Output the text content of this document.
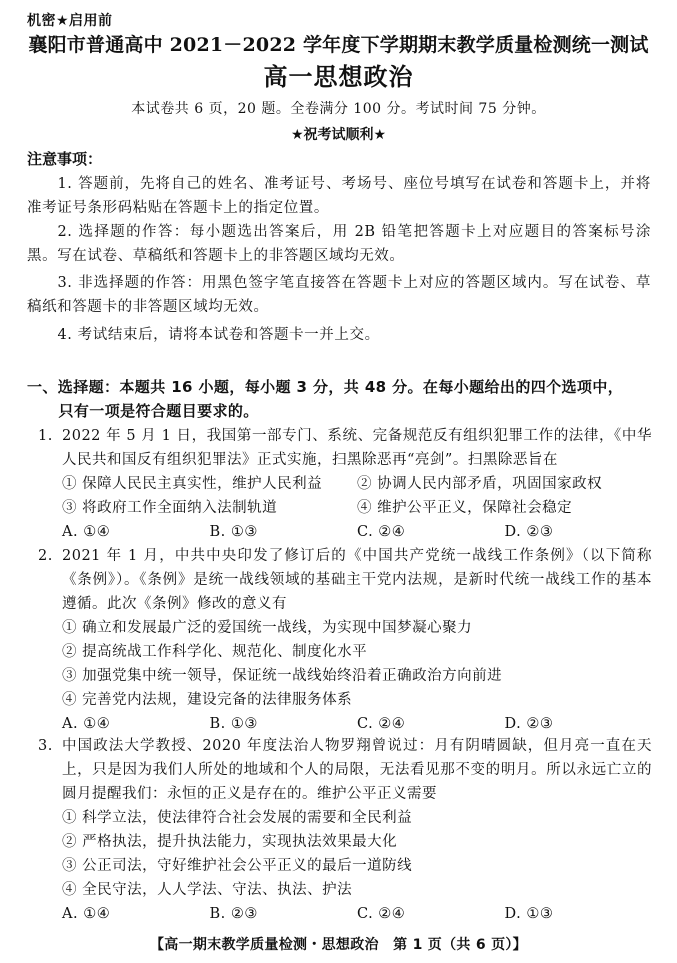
机密★启用前
襄阳市普通高中 2021－2022 学年度下学期期末教学质量检测统一测试
高一思想政治
本试卷共 6 页，20 题。全卷满分 100 分。考试时间 75 分钟。
★祝考试顺利★
注意事项：
1. 答题前，先将自己的姓名、准考证号、考场号、座位号填写在试卷和答题卡上，并将准考证号条形码粘贴在答题卡上的指定位置。
2. 选择题的作答：每小题选出答案后，用 2B 铅笔把答题卡上对应题目的答案标号涂黑。写在试卷、草稿纸和答题卡上的非答题区域均无效。
3. 非选择题的作答：用黑色签字笔直接答在答题卡上对应的答题区域内。写在试卷、草稿纸和答题卡的非答题区域均无效。
4. 考试结束后，请将本试卷和答题卡一并上交。
一、选择题：本题共 16 小题，每小题 3 分，共 48 分。在每小题给出的四个选项中，
只有一项是符合题目要求的。
1. 2022 年 5 月 1 日，我国第一部专门、系统、完备规范反有组织犯罪工作的法律，《中华人民共和国反有组织犯罪法》正式实施，扫黑除恶再“亮剑”。扫黑除恶旨在
① 保障人民民主真实性，维护人民利益	② 协调人民内部矛盾，巩固国家政权
③ 将政府工作全面纳入法制轨道	④ 维护公平正义，保障社会稳定
A. ①④	B. ①③	C. ②④	D. ②③
2. 2021 年 1 月，中共中央印发了修订后的《中国共产党统一战线工作条例》（以下简称《条例》）。《条例》是统一战线领域的基础主干党内法规，是新时代统一战线工作的基本遵循。此次《条例》修改的意义有
① 确立和发展最广泛的爱国统一战线，为实现中国梦凝心聚力
② 提高统战工作科学化、规范化、制度化水平
③ 加强党集中统一领导，保证统一战线始终沿着正确政治方向前进
④ 完善党内法规，建设完备的法律服务体系
A. ①④	B. ①③	C. ②④	D. ②③
3. 中国政法大学教授、2020 年度法治人物罗翔曾说过：月有阴晴圆缺，但月亮一直在天上，只是因为我们人所处的地域和个人的局限，无法看见那不变的明月。所以永远亡立的圆月提醒我们：永恒的正义是存在的。维护公平正义需要
① 科学立法，使法律符合社会发展的需要和全民利益
② 严格执法，提升执法能力，实现执法效果最大化
③ 公正司法，守好维护社会公平正义的最后一道防线
④ 全民守法，人人学法、守法、执法、护法
A. ①④	B. ②③	C. ②④	D. ①③
【高一期末教学质量检测・思想政治　第 1 页（共 6 页）】
